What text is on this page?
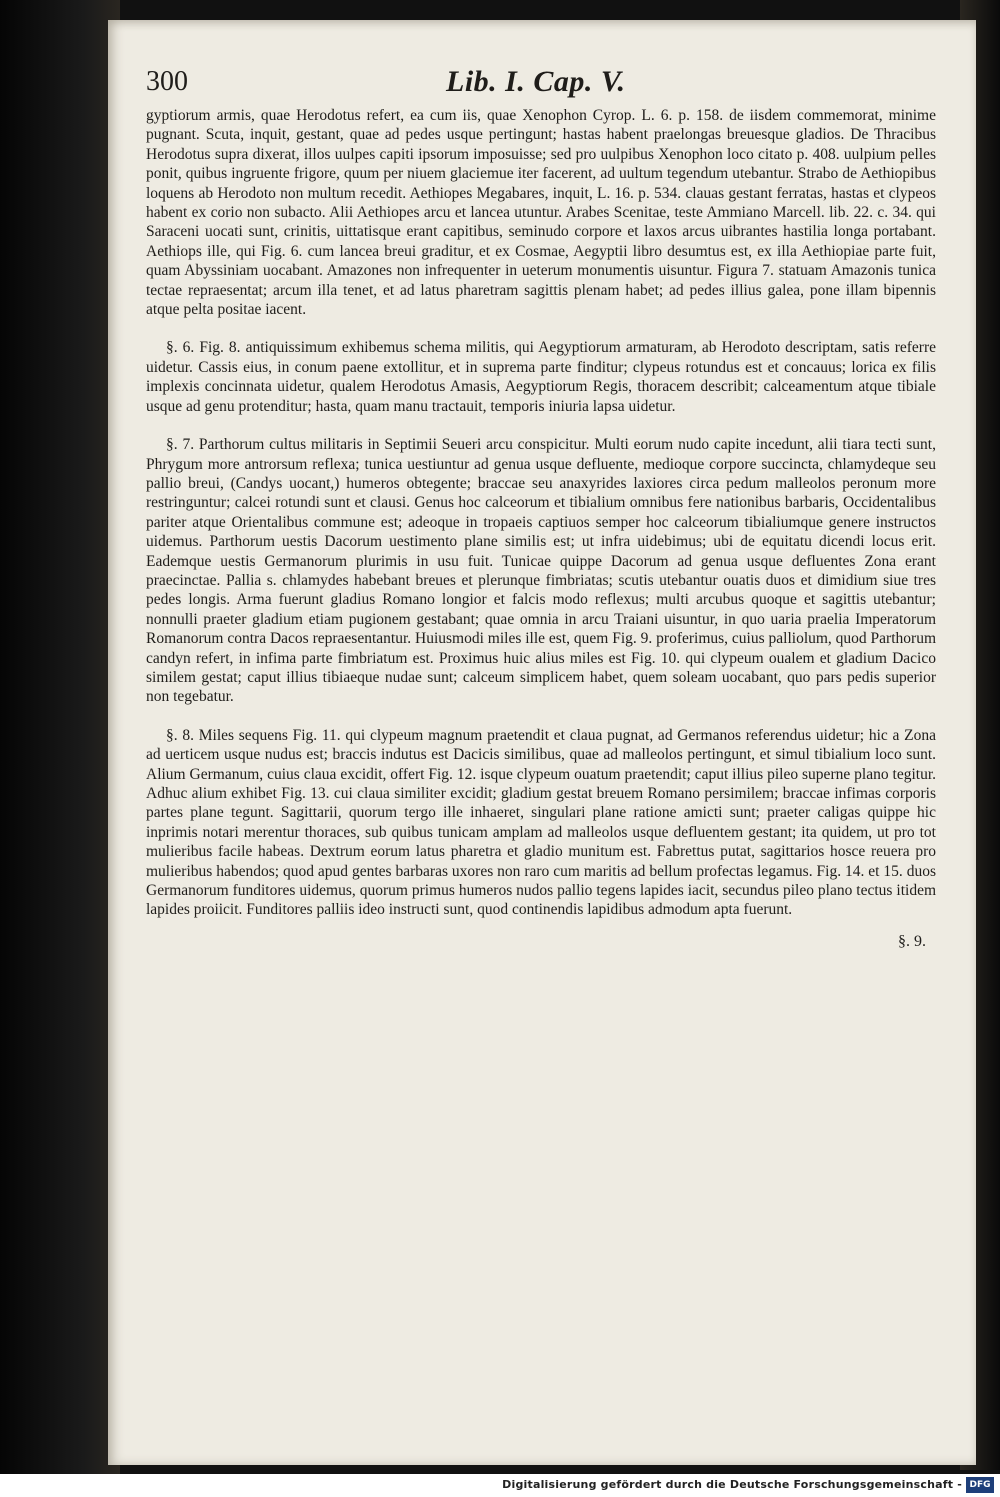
300	Lib. I. Cap. V.

gyptiorum armis, quae Herodotus refert, ea cum iis, quae Xenophon Cyrop. L. 6. p. 158. de iisdem commemorat, minime pugnant. Scuta, inquit, gestant, quae ad pedes usque pertingunt; hastas habent praelongas breuesque gladios. De Thracibus Herodotus supra dixerat, illos uulpes capiti ipsorum imposuisse; sed pro uulpibus Xenophon loco citato p. 408. uulpium pelles ponit, quibus ingruente frigore, quum per niuem glaciemue iter facerent, ad uultum tegendum utebantur. Strabo de Aethiopibus loquens ab Herodoto non multum recedit. Aethiopes Megabares, inquit, L. 16. p. 534. clauas gestant ferratas, hastas et clypeos habent ex corio non subacto. Alii Aethiopes arcu et lancea utuntur. Arabes Scenitae, teste Ammiano Marcell. lib. 22. c. 34. qui Saraceni uocati sunt, crinitis, uittatisque erant capitibus, seminudo corpore et laxos arcus uibrantes hastilia longa portabant. Aethiops ille, qui Fig. 6. cum lancea breui graditur, et ex Cosmae, Aegyptii libro desumtus est, ex illa Aethiopiae parte fuit, quam Abyssiniam uocabant. Amazones non infrequenter in ueterum monumentis uisuntur. Figura 7. statuam Amazonis tunica tectae repraesentat; arcum illa tenet, et ad latus pharetram sagittis plenam habet; ad pedes illius galea, pone illam bipennis atque pelta positae iacent.

§. 6. Fig. 8. antiquissimum exhibemus schema militis, qui Aegyptiorum armaturam, ab Herodoto descriptam, satis referre uidetur. Cassis eius, in conum paene extollitur, et in suprema parte finditur; clypeus rotundus est et concauus; lorica ex filis implexis concinnata uidetur, qualem Herodotus Amasis, Aegyptiorum Regis, thoracem describit; calceamentum atque tibiale usque ad genu protenditur; hasta, quam manu tractauit, temporis iniuria lapsa uidetur.

§. 7. Parthorum cultus militaris in Septimii Seueri arcu conspicitur. Multi eorum nudo capite incedunt, alii tiara tecti sunt, Phrygum more antrorsum reflexa; tunica uestiuntur ad genua usque defluente, medioque corpore succincta, chlamydeque seu pallio breui, (Candys uocant,) humeros obtegente; braccae seu anaxyrides laxiores circa pedum malleolos peronum more restringuntur; calcei rotundi sunt et clausi. Genus hoc calceorum et tibialium omnibus fere nationibus barbaris, Occidentalibus pariter atque Orientalibus commune est; adeoque in tropaeis captiuos semper hoc calceorum tibialiumque genere instructos uidemus. Parthorum uestis Dacorum uestimento plane similis est; ut infra uidebimus; ubi de equitatu dicendi locus erit. Eademque uestis Germanorum plurimis in usu fuit. Tunicae quippe Dacorum ad genua usque defluentes Zona erant praecinctae. Pallia s. chlamydes habebant breues et plerunque fimbriatas; scutis utebantur ouatis duos et dimidium siue tres pedes longis. Arma fuerunt gladius Romano longior et falcis modo reflexus; multi arcubus quoque et sagittis utebantur; nonnulli praeter gladium etiam pugionem gestabant; quae omnia in arcu Traiani uisuntur, in quo uaria praelia Imperatorum Romanorum contra Dacos repraesentantur. Huiusmodi miles ille est, quem Fig. 9. proferimus, cuius palliolum, quod Parthorum candyn refert, in infima parte fimbriatum est. Proximus huic alius miles est Fig. 10. qui clypeum oualem et gladium Dacico similem gestat; caput illius tibiaeque nudae sunt; calceum simplicem habet, quem soleam uocabant, quo pars pedis superior non tegebatur.

§. 8. Miles sequens Fig. 11. qui clypeum magnum praetendit et claua pugnat, ad Germanos referendus uidetur; hic a Zona ad uerticem usque nudus est; braccis indutus est Dacicis similibus, quae ad malleolos pertingunt, et simul tibialium loco sunt. Alium Germanum, cuius claua excidit, offert Fig. 12. isque clypeum ouatum praetendit; caput illius pileo superne plano tegitur. Adhuc alium exhibet Fig. 13. cui claua similiter excidit; gladium gestat breuem Romano persimilem; braccae infimas corporis partes plane tegunt. Sagittarii, quorum tergo ille inhaeret, singulari plane ratione amicti sunt; praeter caligas quippe hic inprimis notari merentur thoraces, sub quibus tunicam amplam ad malleolos usque defluentem gestant; ita quidem, ut pro tot mulieribus facile habeas. Dextrum eorum latus pharetra et gladio munitum est. Fabrettus putat, sagittarios hosce reuera pro mulieribus habendos; quod apud gentes barbaras uxores non raro cum maritis ad bellum profectas legamus. Fig. 14. et 15. duos Germanorum funditores uidemus, quorum primus humeros nudos pallio tegens lapides iacit, secundus pileo plano tectus itidem lapides proiicit. Funditores palliis ideo instructi sunt, quod continendis lapidibus admodum apta fuerunt.

§. 9.
Digitalisierung gefördert durch die Deutsche Forschungsgemeinschaft - DFG
